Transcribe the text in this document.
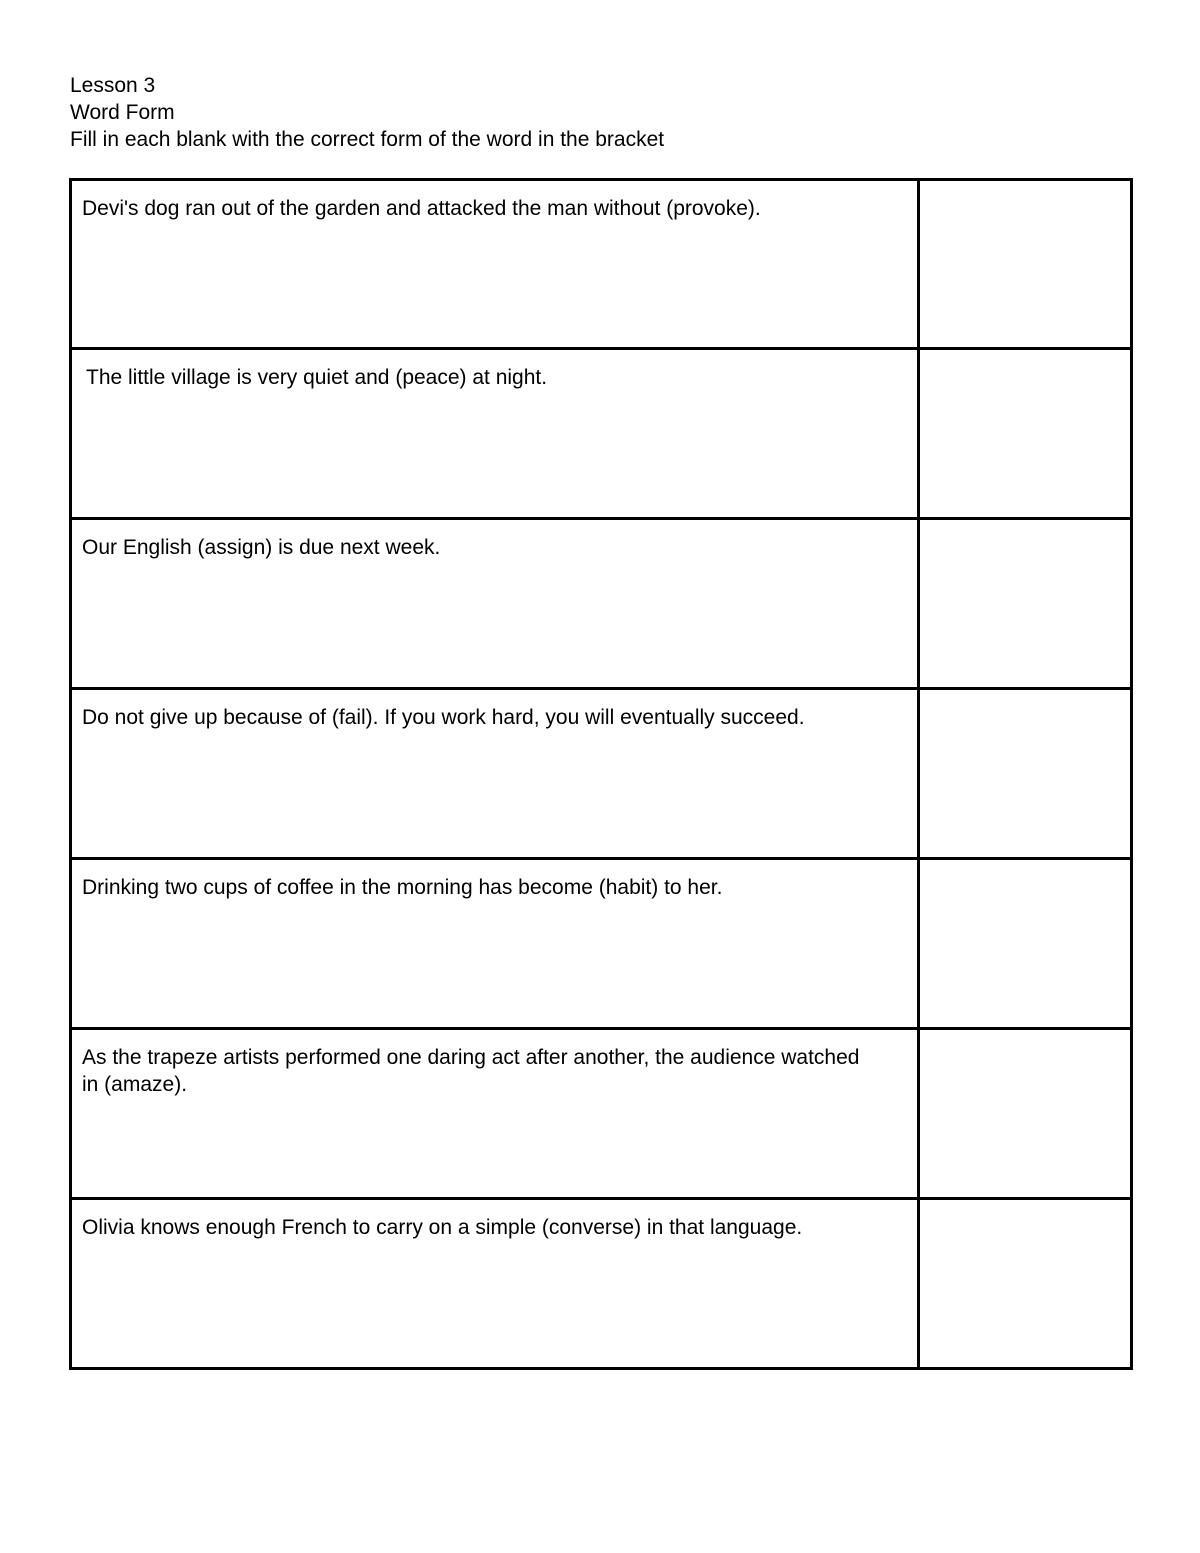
Lesson 3
Word Form
Fill in each blank with the correct form of the word in the bracket
Devi's dog ran out of the garden and attacked the man without (provoke).	

The little village is very quiet and (peace) at night.	

Our English (assign) is due next week.	

Do not give up because of (fail). If you work hard, you will eventually succeed.	

Drinking two cups of coffee in the morning has become (habit) to her.	

As the trapeze artists performed one daring act after another, the audience watched in (amaze).	

Olivia knows enough French to carry on a simple (converse) in that language.	
